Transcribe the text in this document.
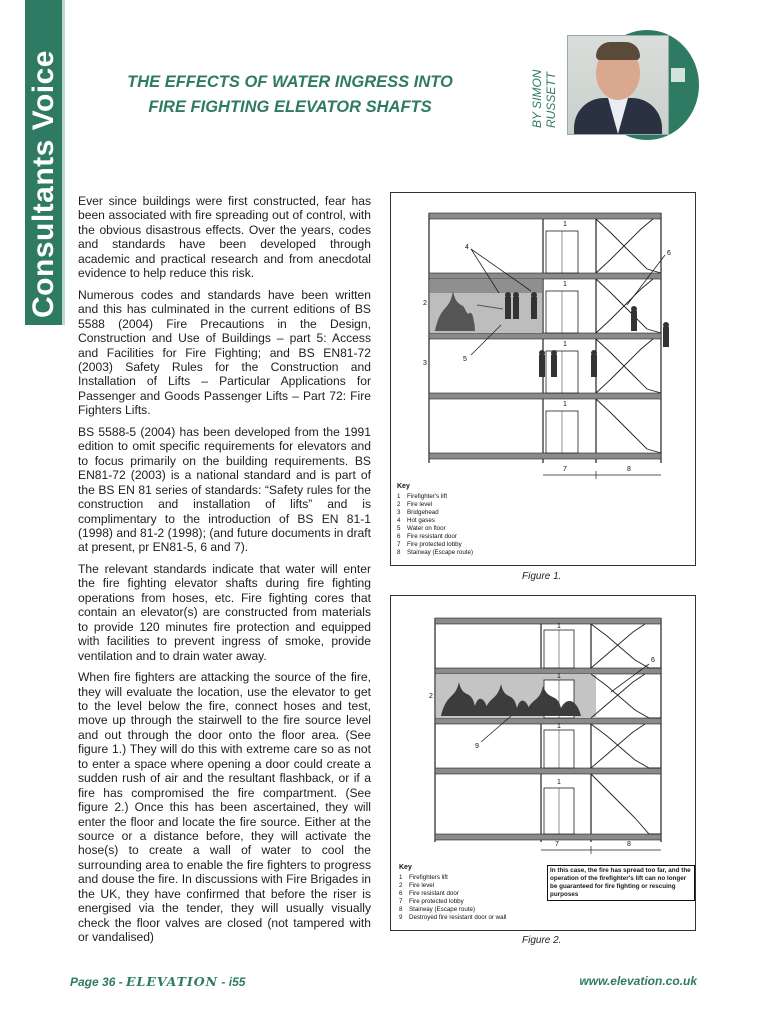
THE EFFECTS OF WATER INGRESS INTO
FIRE FIGHTING ELEVATOR SHAFTS	BY SIMON RUSSETT

Ever since buildings were first constructed, fear has been associated with fire spreading out of control, with the obvious disastrous effects. Over the years, codes and standards have been developed through academic and practical research and from anecdotal evidence to help reduce this risk.

Numerous codes and standards have been written and this has culminated in the current editions of BS 5588 (2004) Fire Precautions in the Design, Construction and Use of Buildings – part 5: Access and Facilities for Fire Fighting; and BS EN81-72 (2003) Safety Rules for the Construction and Installation of Lifts – Particular Applications for Passenger and Goods Passenger Lifts – Part 72: Fire Fighters Lifts.

BS 5588-5 (2004) has been developed from the 1991 edition to omit specific requirements for elevators and to focus primarily on the building requirements. BS EN81-72 (2003) is a national standard and is part of the BS EN 81 series of standards: “Safety rules for the construction and installation of lifts” and is complimentary to the introduction of BS EN 81-1 (1998) and 81-2 (1998); (and future documents in draft at present, pr EN81-5, 6 and 7).

The relevant standards indicate that water will enter the fire fighting elevator shafts during fire fighting operations from hoses, etc. Fire fighting cores that contain an elevator(s) are constructed from materials to provide 120 minutes fire protection and equipped with facilities to prevent ingress of smoke, provide ventilation and to drain water away.

When fire fighters are attacking the source of the fire, they will evaluate the location, use the elevator to get to the level below the fire, connect hoses and test, move up through the stairwell to the fire source level and out through the door onto the floor area. (See figure 1.) They will do this with extreme care so as not to enter a space where opening a door could create a sudden rush of air and the resultant flashback, or if a fire has compromised the fire compartment. (See figure 2.) Once this has been ascertained, they will enter the floor and locate the fire source. Either at the source or a distance before, they will activate the hose(s) to create a wall of water to cool the surrounding area to enable the fire fighters to progress and douse the fire. In discussions with Fire Brigades in the UK, they have confirmed that before the riser is energised via the tender, they will usually visually check the floor valves are closed (not tampered with or vandalised)

1
1
1
1
2
3
4
5
6
7	8
Key
1 Firefighter's lift
2 Fire level
3 Bridgehead
4 Hot gases
5 Water on floor
6 Fire resistant door
7 Fire protected lobby
8 Stairway (Escape route)
Figure 1.
1
1
1
1
2
6
7	8
9
Key
1 Firefighters lift
2 Fire level
6 Fire resistant door
7 Fire protected lobby
8 Stairway (Escape route)
9 Destroyed fire resistant door or wall
In this case, the fire has spread too far, and the operation of the firefighter's lift can no longer be guaranteed for fire fighting or rescuing purposes
Figure 2.
Page 36 - ELEVATION - i55	www.elevation.co.uk
